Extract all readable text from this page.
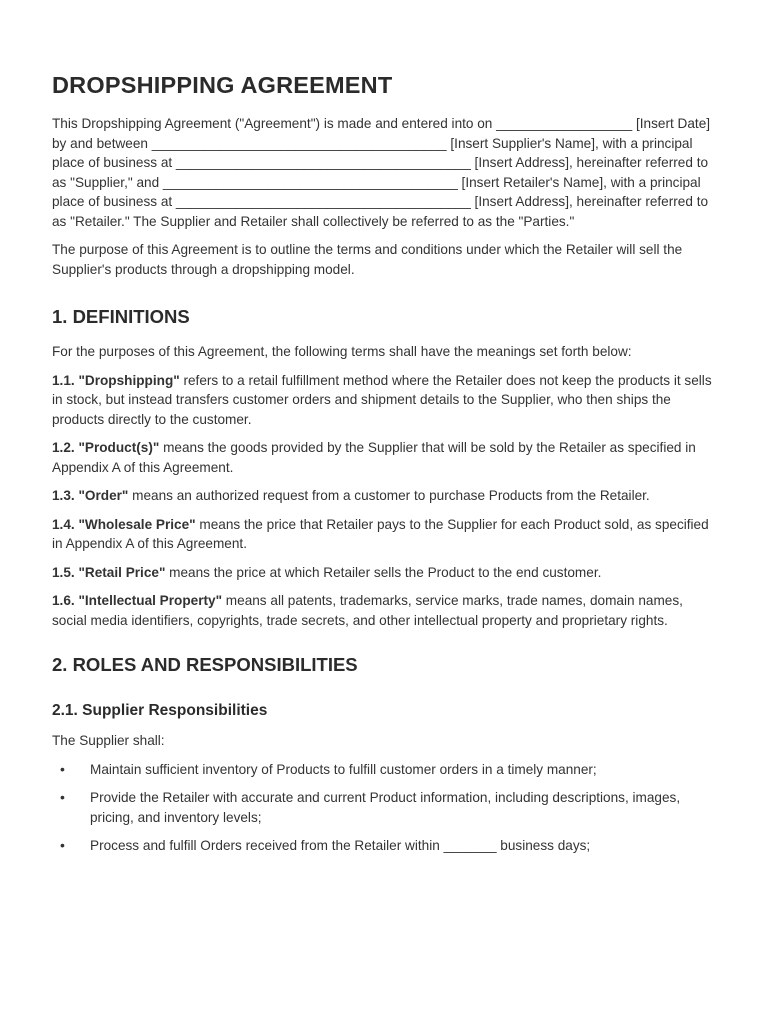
DROPSHIPPING AGREEMENT

This Dropshipping Agreement ("Agreement") is made and entered into on __________________ [Insert Date] by and between _______________________________________ [Insert Supplier's Name], with a principal place of business at _______________________________________ [Insert Address], hereinafter referred to as "Supplier," and _______________________________________ [Insert Retailer's Name], with a principal place of business at _______________________________________ [Insert Address], hereinafter referred to as "Retailer." The Supplier and Retailer shall collectively be referred to as the "Parties."

The purpose of this Agreement is to outline the terms and conditions under which the Retailer will sell the Supplier's products through a dropshipping model.

1. DEFINITIONS

For the purposes of this Agreement, the following terms shall have the meanings set forth below:

1.1. "Dropshipping" refers to a retail fulfillment method where the Retailer does not keep the products it sells in stock, but instead transfers customer orders and shipment details to the Supplier, who then ships the products directly to the customer.

1.2. "Product(s)" means the goods provided by the Supplier that will be sold by the Retailer as specified in Appendix A of this Agreement.

1.3. "Order" means an authorized request from a customer to purchase Products from the Retailer.

1.4. "Wholesale Price" means the price that Retailer pays to the Supplier for each Product sold, as specified in Appendix A of this Agreement.

1.5. "Retail Price" means the price at which Retailer sells the Product to the end customer.

1.6. "Intellectual Property" means all patents, trademarks, service marks, trade names, domain names, social media identifiers, copyrights, trade secrets, and other intellectual property and proprietary rights.

2. ROLES AND RESPONSIBILITIES
2.1. Supplier Responsibilities

The Supplier shall:

• Maintain sufficient inventory of Products to fulfill customer orders in a timely manner;
• Provide the Retailer with accurate and current Product information, including descriptions, images, pricing, and inventory levels;
• Process and fulfill Orders received from the Retailer within _______ business days;
